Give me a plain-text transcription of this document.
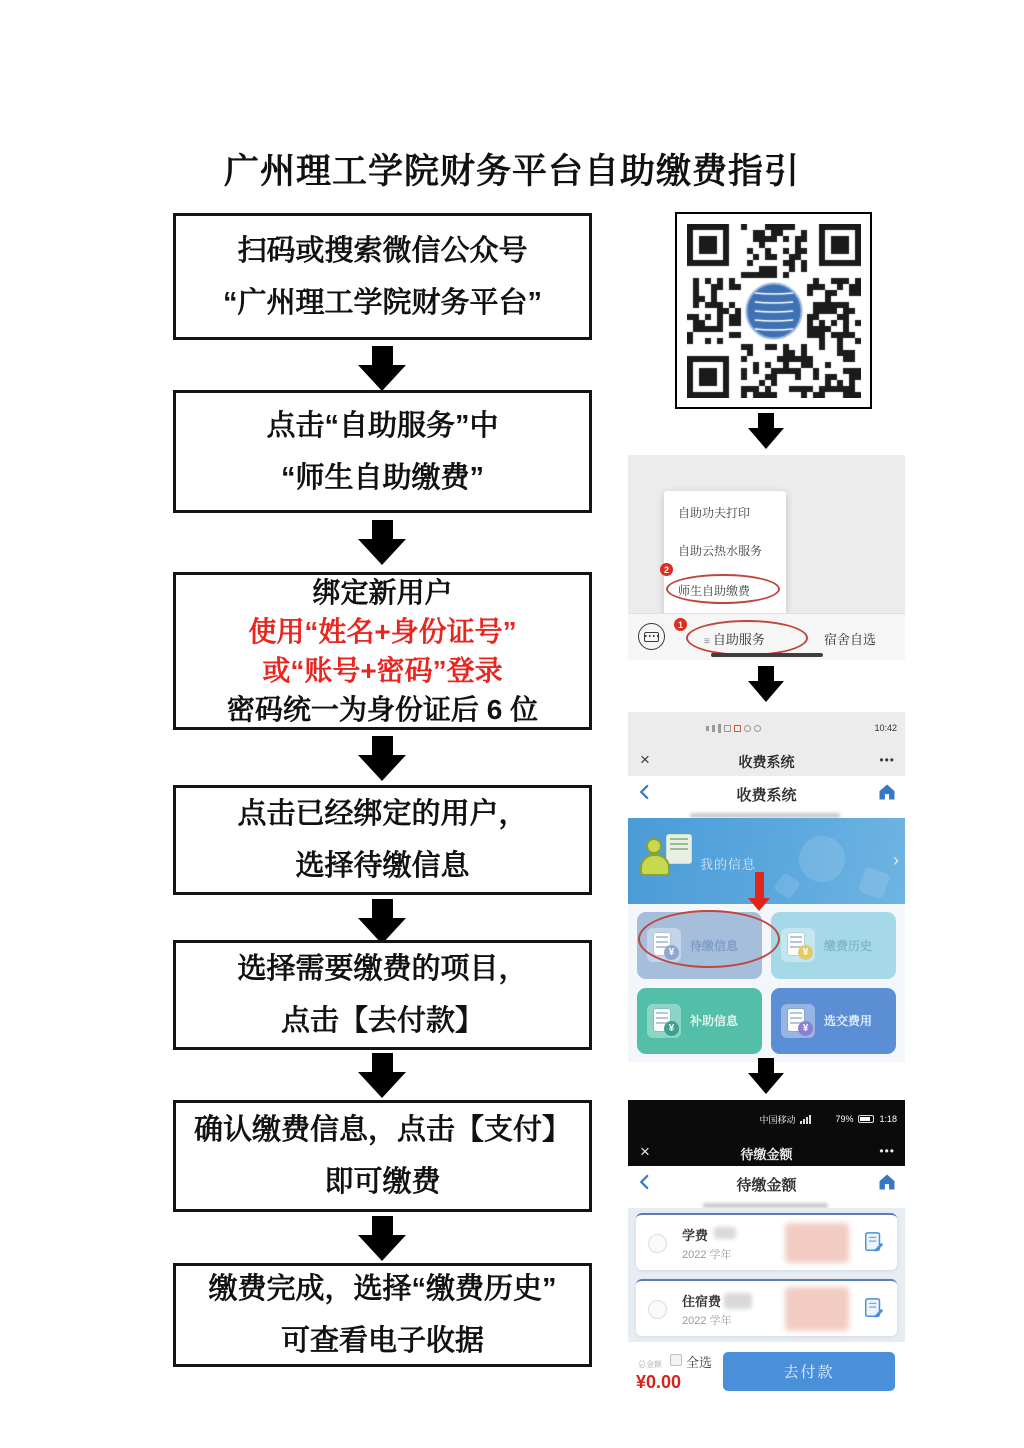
广州理工学院财务平台自助缴费指引
扫码或搜索微信公众号
“广州理工学院财务平台”
点击“自助服务”中
“师生自助缴费”
绑定新用户
使用“姓名+身份证号”
或“账号+密码”登录
密码统一为身份证后 6 位
点击已经绑定的用户，
选择待缴信息
选择需要缴费的项目，
点击【去付款】
确认缴费信息，点击【支付】
即可缴费
缴费完成，选择“缴费历史”
可查看电子收据
自助功夫打印
自助云热水服务
师生自助缴费
2
1
≡ 自助服务	宿舍自选
10:42
×	收费系统	•••
收费系统
我的信息	›
¥	待缴信息	¥	缴费历史
¥	补助信息	¥	选交费用
中国移动	79%	1:18
×	待缴金额	•••
待缴金额
学费
2022 学年
住宿费
2022 学年
总金额 全选
¥0.00	去付款
